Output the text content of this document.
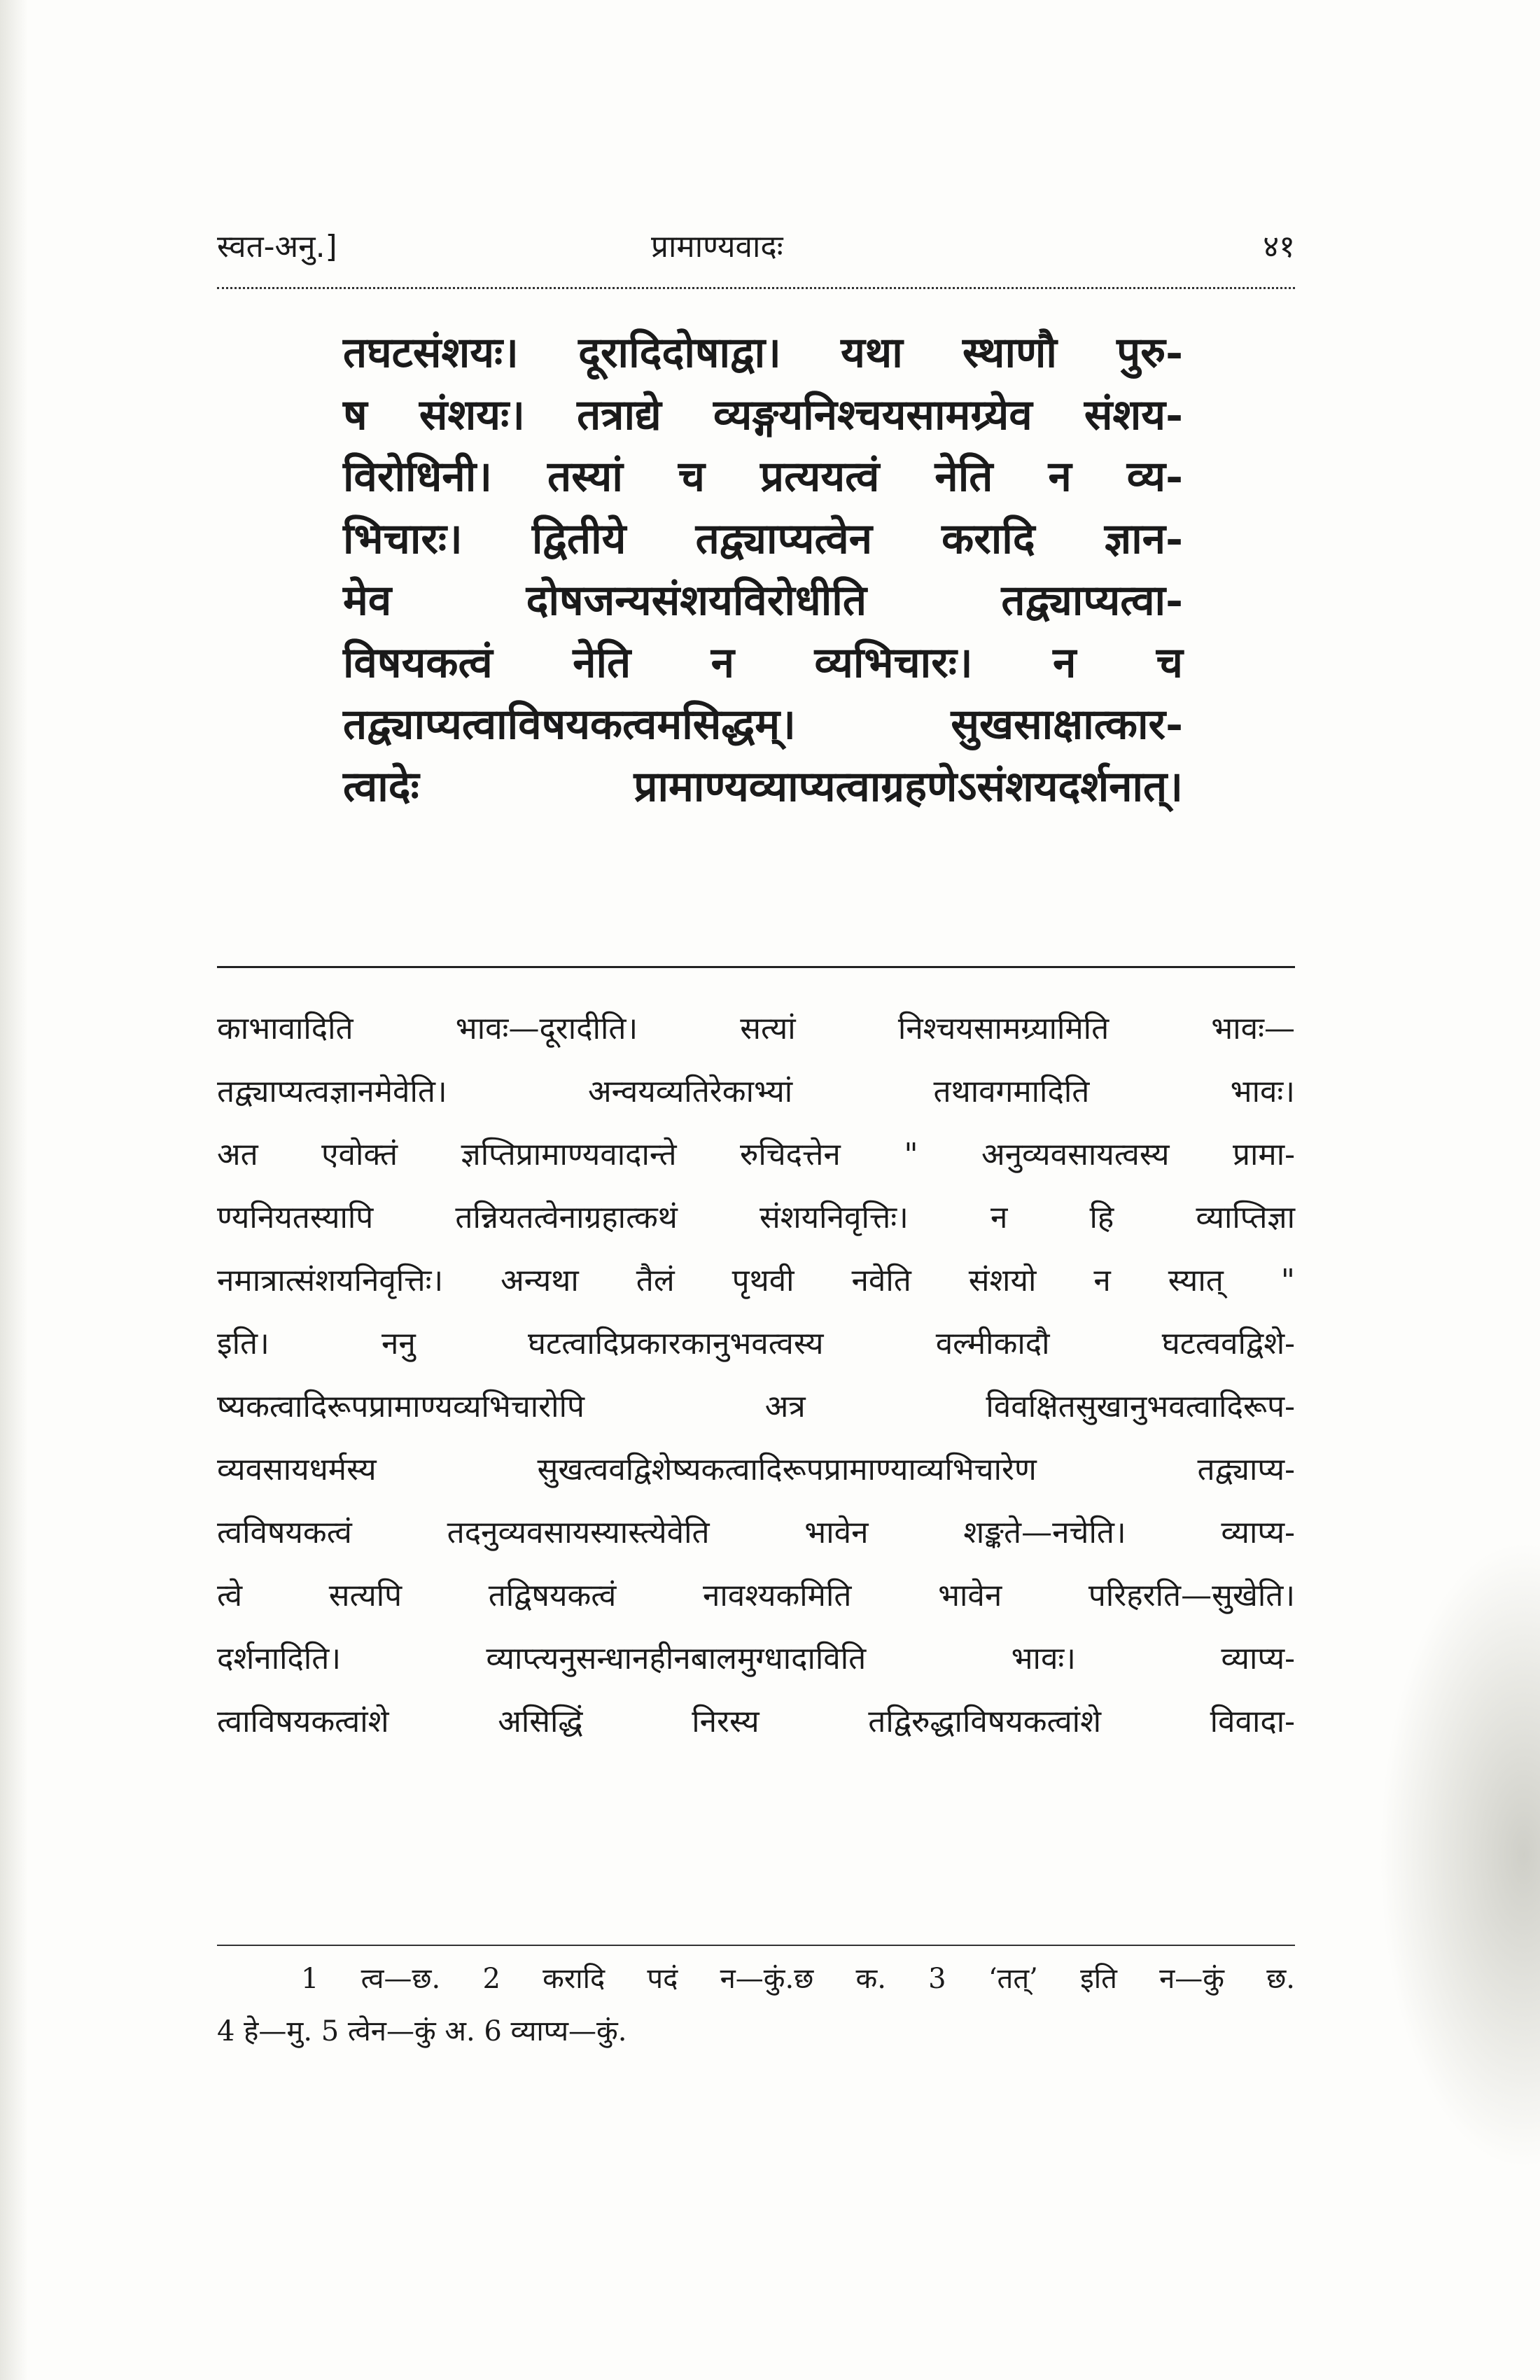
स्वत-अनु.]	प्रामाण्यवादः	४१
तघटसंशयः। दूरादिदोषाद्वा। यथा स्थाणौ पुरु-
ष संशयः। तत्राद्ये व्यङ्गयनिश्चयसामग्र्येव संशय-
विरोधिनी। तस्यां च प्रत्ययत्वं नेति न व्य-
भिचारः। द्वितीये तद्व्याप्यत्वेन करादि ज्ञान-
मेव दोषजन्यसंशयविरोधीति तद्व्याप्यत्वा-
विषयकत्वं नेति न व्यभिचारः। न च
तद्व्याप्यत्वाविषयकत्वमसिद्धम्। सुखसाक्षात्कार-
त्वादेः प्रामाण्यव्याप्यत्वाग्रहणेऽसंशयदर्शनात्।
काभावादिति भावः—दूरादीति। सत्यां निश्चयसामग्र्यामिति भावः—
तद्व्याप्यत्वज्ञानमेवेति। अन्वयव्यतिरेकाभ्यां तथावगमादिति भावः।
अत एवोक्तं ज्ञप्तिप्रामाण्यवादान्ते रुचिदत्तेन " अनुव्यवसायत्वस्य प्रामा-
ण्यनियतस्यापि तन्नियतत्वेनाग्रहात्कथं संशयनिवृत्तिः। न हि व्याप्तिज्ञा
नमात्रात्संशयनिवृत्तिः। अन्यथा तैलं पृथवी नवेति संशयो न स्यात् "
इति। ननु घटत्वादिप्रकारकानुभवत्वस्य वल्मीकादौ घटत्ववद्विशे-
ष्यकत्वादिरूपप्रामाण्यव्यभिचारोपि अत्र विवक्षितसुखानुभवत्वादिरूप-
व्यवसायधर्मस्य सुखत्ववद्विशेष्यकत्वादिरूपप्रामाण्याव्यभिचारेण तद्व्याप्य-
त्वविषयकत्वं तदनुव्यवसायस्यास्त्येवेति भावेन शङ्कते—नचेति। व्याप्य-
त्वे सत्यपि तद्विषयकत्वं नावश्यकमिति भावेन परिहरति—सुखेति।
दर्शनादिति। व्याप्त्यनुसन्धानहीनबालमुग्धादाविति भावः। व्याप्य-
त्वाविषयकत्वांशे असिद्धिं निरस्य तद्विरुद्धाविषयकत्वांशे विवादा-
1 त्व—छ. 2 करादि पदं न—कुं.छ क. 3 ‘तत्’ इति न—कुं छ.
4 हे—मु. 5 त्वेन—कुं अ. 6 व्याप्य—कुं.
